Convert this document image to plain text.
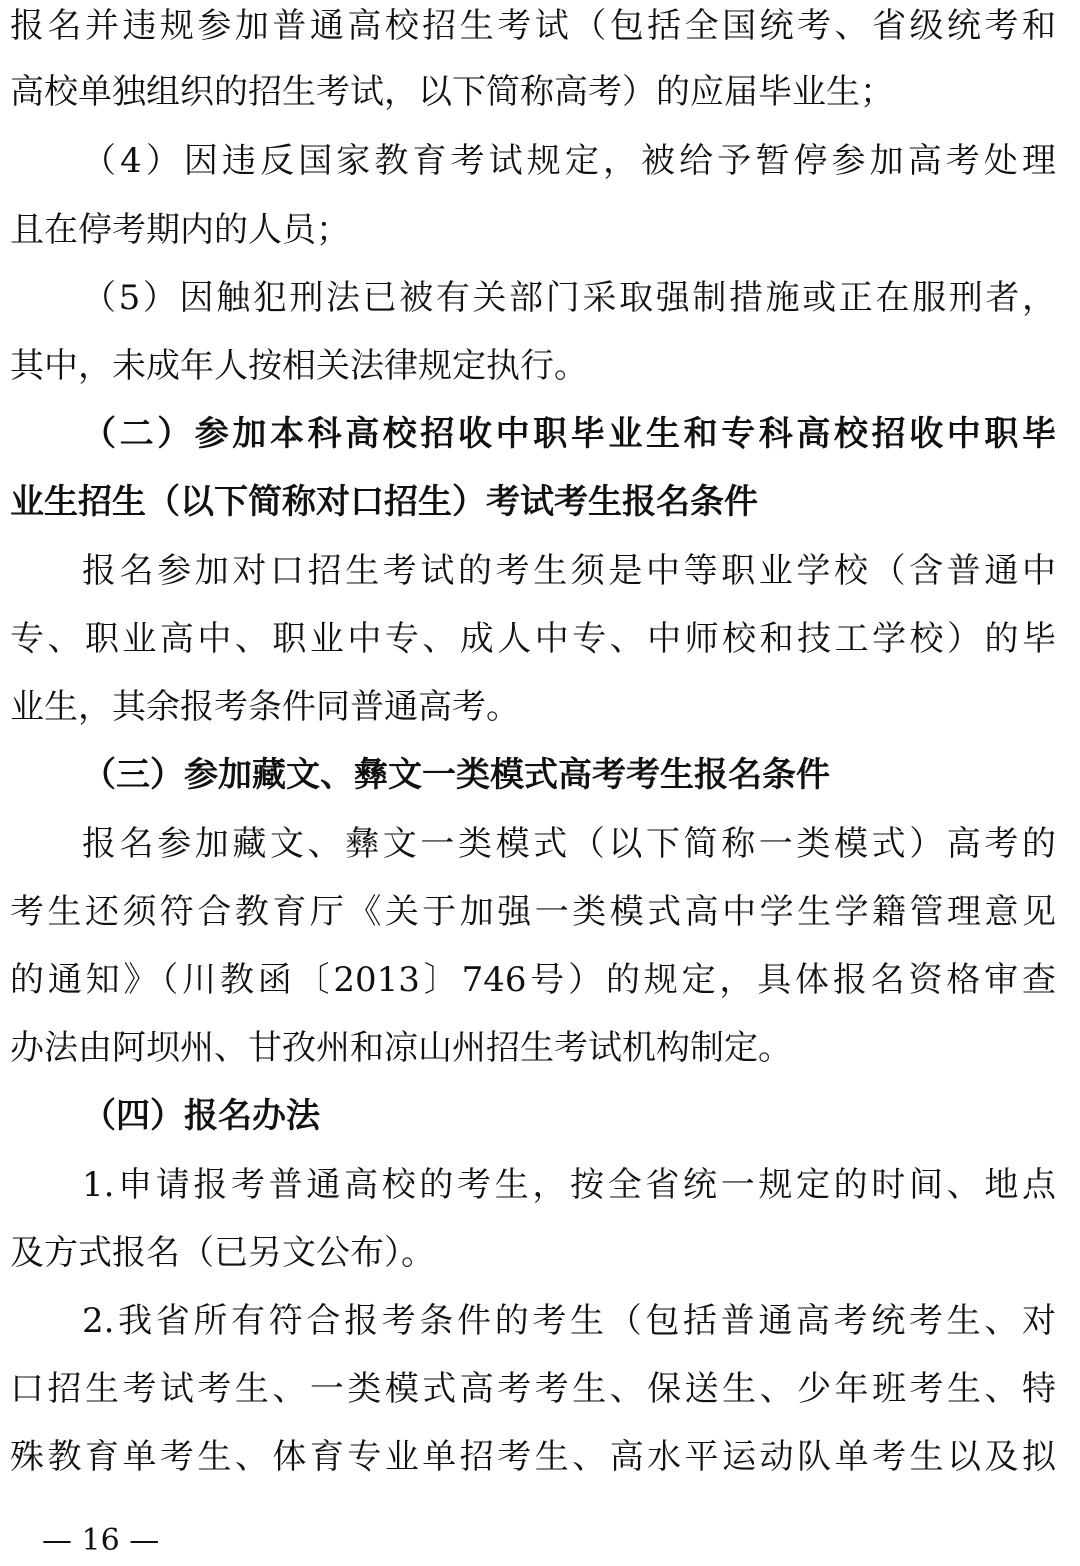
报名并违规参加普通高校招生考试（包括全国统考、省级统考和
高校单独组织的招生考试，以下简称高考）的应届毕业生；
（4）因违反国家教育考试规定，被给予暂停参加高考处理
且在停考期内的人员；
（5）因触犯刑法已被有关部门采取强制措施或正在服刑者，
其中，未成年人按相关法律规定执行。
（二）参加本科高校招收中职毕业生和专科高校招收中职毕
业生招生（以下简称对口招生）考试考生报名条件
报名参加对口招生考试的考生须是中等职业学校（含普通中
专、职业高中、职业中专、成人中专、中师校和技工学校）的毕
业生，其余报考条件同普通高考。
（三）参加藏文、彝文一类模式高考考生报名条件
报名参加藏文、彝文一类模式（以下简称一类模式）高考的
考生还须符合教育厅《关于加强一类模式高中学生学籍管理意见
的通知》（川教函〔2013〕746号）的规定，具体报名资格审查
办法由阿坝州、甘孜州和凉山州招生考试机构制定。
（四）报名办法
1.申请报考普通高校的考生，按全省统一规定的时间、地点
及方式报名（已另文公布）。
2.我省所有符合报考条件的考生（包括普通高考统考生、对
口招生考试考生、一类模式高考考生、保送生、少年班考生、特
殊教育单考生、体育专业单招考生、高水平运动队单考生以及拟
— 16 —
